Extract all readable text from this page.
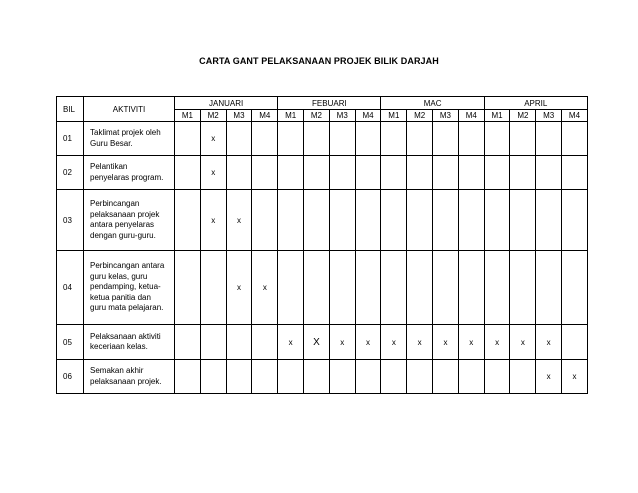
CARTA GANT PELAKSANAAN PROJEK BILIK DARJAH
BIL	AKTIVITI	JANUARI				FEBUARI				MAC				APRIL			
		M1	M2	M3	M4	M1	M2	M3	M4	M1	M2	M3	M4	M1	M2	M3	M4
01	Taklimat projek oleh
Guru Besar.		x														
02	Pelantikan
penyelaras program.		x														
03	Perbincangan
pelaksanaan projek
antara penyelaras
dengan guru-guru.		x	x													
04	Perbincangan antara
guru kelas, guru
pendamping, ketua-
ketua panitia dan
guru mata pelajaran.			x	x												
05	Pelaksanaan aktiviti
keceriaan kelas.					x	X	x	x	x	x	x	x	x	x	x	
06	Semakan akhir
pelaksanaan projek.															x	x
